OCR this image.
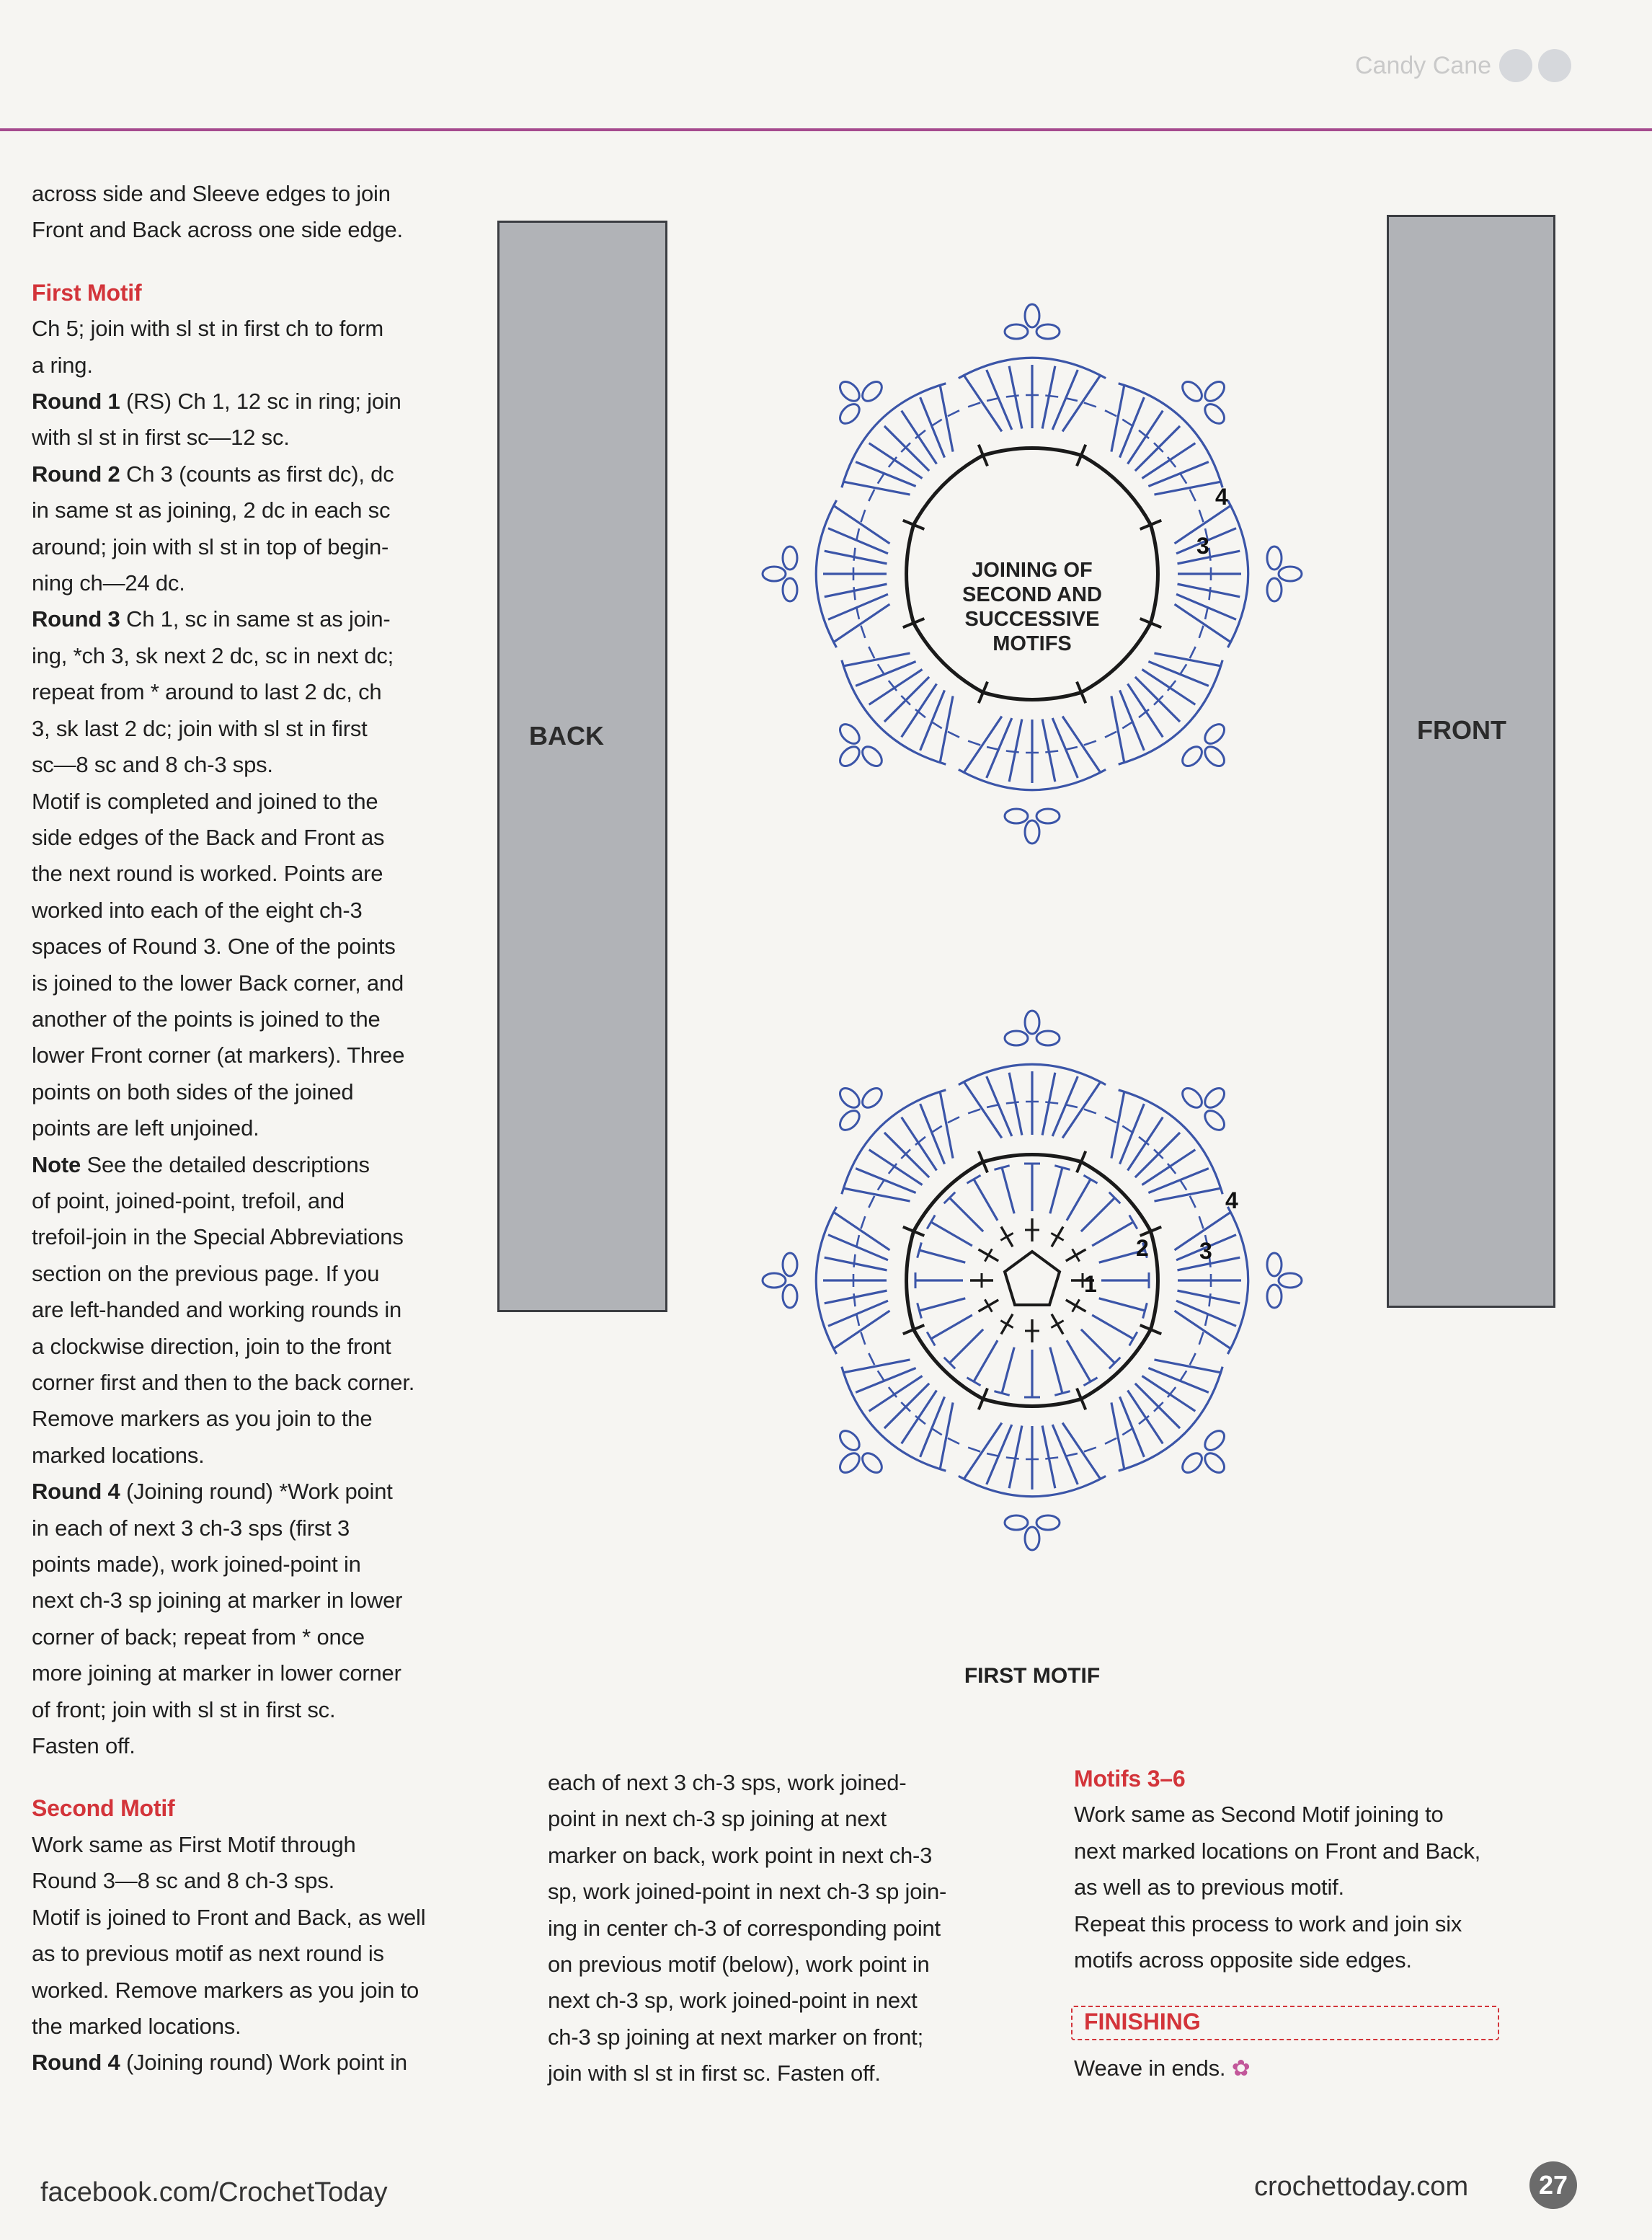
Candy Cane

across side and Sleeve edges to join

Front and Back across one side edge.

First Motif

Ch 5; join with sl st in first ch to form

a ring.

Round 1 (RS) Ch 1, 12 sc in ring; join

with sl st in first sc—12 sc.

Round 2 Ch 3 (counts as first dc), dc

in same st as joining, 2 dc in each sc

around; join with sl st in top of begin-

ning ch—24 dc.

Round 3 Ch 1, sc in same st as join-

ing, *ch 3, sk next 2 dc, sc in next dc;

repeat from * around to last 2 dc, ch

3, sk last 2 dc; join with sl st in first

sc—8 sc and 8 ch-3 sps.

Motif is completed and joined to the

side edges of the Back and Front as

the next round is worked. Points are

worked into each of the eight ch-3

spaces of Round 3. One of the points

is joined to the lower Back corner, and

another of the points is joined to the

lower Front corner (at markers). Three

points on both sides of the joined

points are left unjoined.

Note See the detailed descriptions

of point, joined-point, trefoil, and

trefoil-join in the Special Abbreviations

section on the previous page. If you

are left-handed and working rounds in

a clockwise direction, join to the front

corner first and then to the back corner.

Remove markers as you join to the

marked locations.

Round 4 (Joining round) *Work point

in each of next 3 ch-3 sps (first 3

points made), work joined-point in

next ch-3 sp joining at marker in lower

corner of back; repeat from * once

more joining at marker in lower corner

of front; join with sl st in first sc.

Fasten off.

Second Motif

Work same as First Motif through

Round 3—8 sc and 8 ch-3 sps.

Motif is joined to Front and Back, as well

as to previous motif as next round is

worked. Remove markers as you join to

the marked locations.

Round 4 (Joining round) Work point in

each of next 3 ch-3 sps, work joined-

point in next ch-3 sp joining at next

marker on back, work point in next ch-3

sp, work joined-point in next ch-3 sp join-

ing in center ch-3 of corresponding point

on previous motif (below), work point in

next ch-3 sp, work joined-point in next

ch-3 sp joining at next marker on front;

join with sl st in first sc. Fasten off.

Motifs 3–6

Work same as Second Motif joining to

next marked locations on Front and Back,

as well as to previous motif.

Repeat this process to work and join six

motifs across opposite side edges.

FINISHING

Weave in ends. ✿

BACK	FRONT
JOINING OF
SECOND AND
SUCCESSIVE
MOTIFS
FIRST MOTIF
4
3
4
3
2
1
facebook.com/CrochetToday	crochettoday.com	27
